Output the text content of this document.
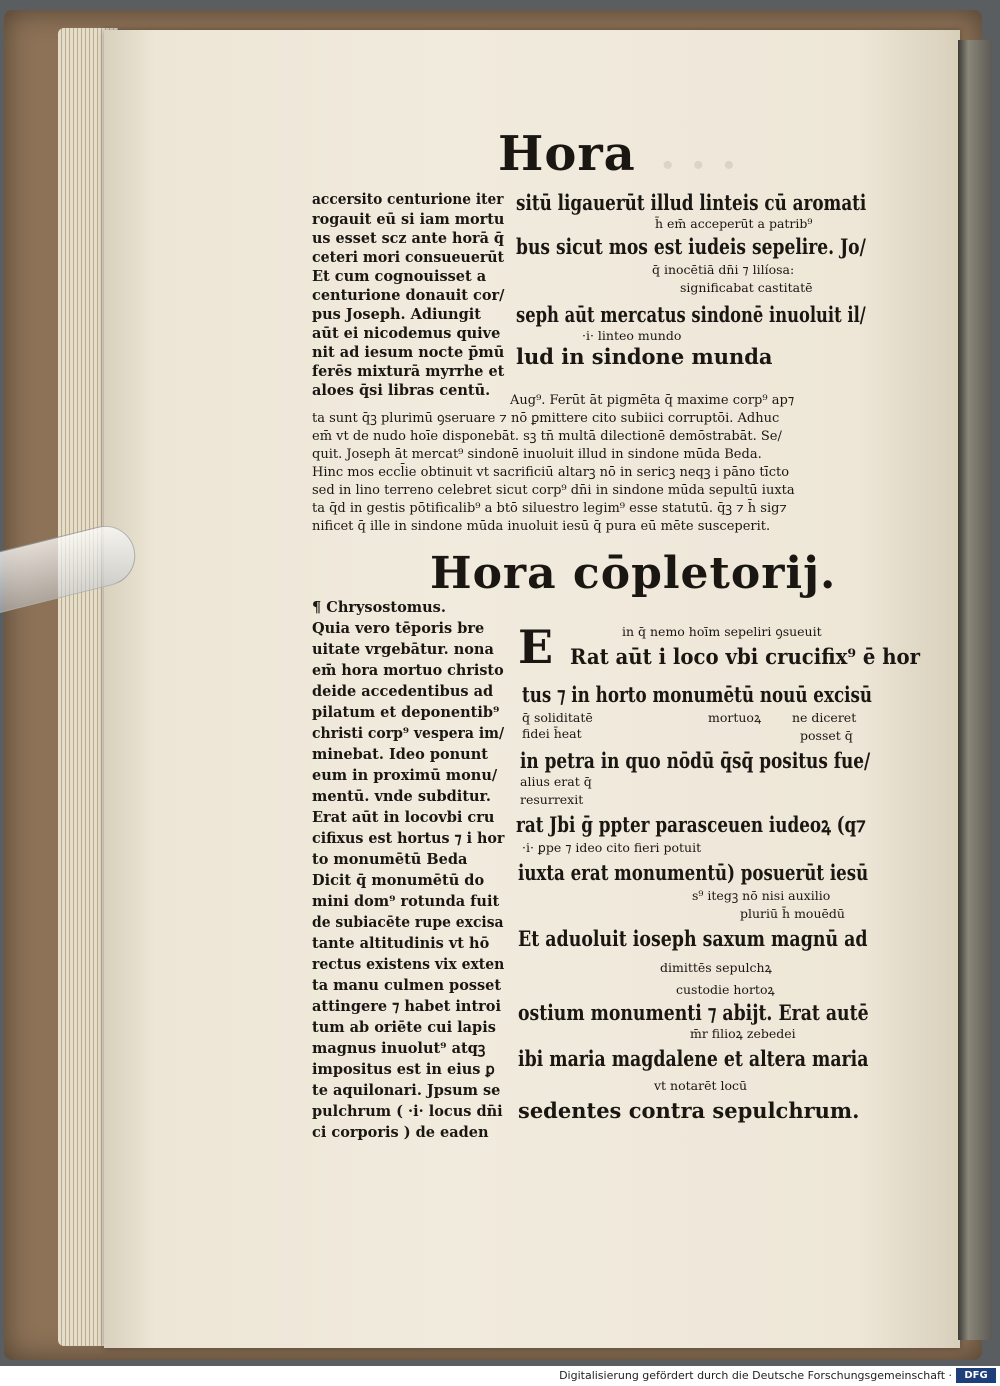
· · ·
Hora
accersito centurione iter
rogauit eū si iam mortu
us esset scz ante horā q̄
ceteri mori consueuerūt
Et cum cognouisset a
centurione donauit cor/
pus Joseph. Adiungit
aūt ei nicodemus quive
nit ad iesum nocte p̄mū
ferēs mixturā myrrhe et
aloes q̄si libras centū.
sitū ligauerūt illud linteis cū aromati
h̄ em̄ acceperūt a patrib⁹
bus sicut mos est iudeis sepelire. Jo/
q̄ inocētiā dn̄i ⁊ lilíosa:
significabat castitatē
seph aūt mercatus sindonē inuoluit il/
·i· linteo mundo
lud in sindone munda
Aug⁹. Ferūt āt pigmēta q̄ maxime corp⁹ ap⁊
ta sunt q̄ꝫ plurimū ꝯseruare ⁊ nō ꝑmittere cito subiici corruptōi. Adhuc
em̄ vt de nudo hoīe disponebāt. sꝫ tn̄ multā dilectionē demōstrabāt. Se/
quit. Joseph āt mercat⁹ sindonē inuoluit illud in sindone mūda Beda.
Hinc mos eccl̄ie obtinuit vt sacrificiū altarꝫ nō in sericꝫ neqꝫ i pāno tīcto
sed in lino terreno celebret sicut corp⁹ dn̄i in sindone mūda sepultū iuxta
ta q̄d in gestis pōtificalib⁹ a btō siluestro legim⁹ esse statutū. q̄ꝫ ⁊ h̄ sig⁊
nificet q̄ ille in sindone mūda inuoluit iesū q̄ pura eū mēte susceperit.
Hora cōpletorij.
¶ Chrysostomus.
Quia vero tēporis bre
uitate vrgebātur. nona
em̄ hora mortuo christo
deide accedentibus ad
pilatum et deponentib⁹
christi corp⁹ vespera im/
minebat. Ideo ponunt
eum in proximū monu/
mentū. vnde subditur.
Erat aūt in locovbi cru
cifixus est hortus ⁊ i hor
to monumētū Beda
Dicit q̄ monumētū do
mini dom⁹ rotunda fuit
de subiacēte rupe excisa
tante altitudinis vt hō
rectus existens vix exten
ta manu culmen posset
attingere ⁊ habet introi
tum ab oriēte cui lapis
magnus inuolut⁹ atqꝫ
impositus est in eius ꝑ
te aquilonari. Jpsum se
pulchrum ( ·i· locus dn̄i
ci corporis ) de eaden
in q̄ nemo hoīm sepeliri ꝯsueuit
E Rat aūt i loco vbi crucifix⁹ ē hor
tus ⁊ in horto monumētū nouū excisū
q̄ soliditatē	mortuoꝝ ne diceret
fidei h̄eat	posset q̄
in petra in quo nōdū q̄sq̄ positus fue/
alius erat q̄
resurrexit
rat Jbi ḡ ppter parasceuen iudeoꝝ (q⁊
·i· ꝑpe ⁊ ideo cito fieri potuit
iuxta erat monumentū) posuerūt iesū
s⁹ itegꝫ nō nisi auxilio
pluriū h̄ mouēdū
Et aduoluit ioseph saxum magnū ad
dimittēs sepulchꝝ
custodie hortoꝝ
ostium monumenti ⁊ abijt. Erat autē
m̄r filioꝝ zebedei
ibi maria magdalene et altera maria
vt notarēt locū
sedentes contra sepulchrum.
Digitalisierung gefördert durch die Deutsche Forschungsgemeinschaft ·	DFG
